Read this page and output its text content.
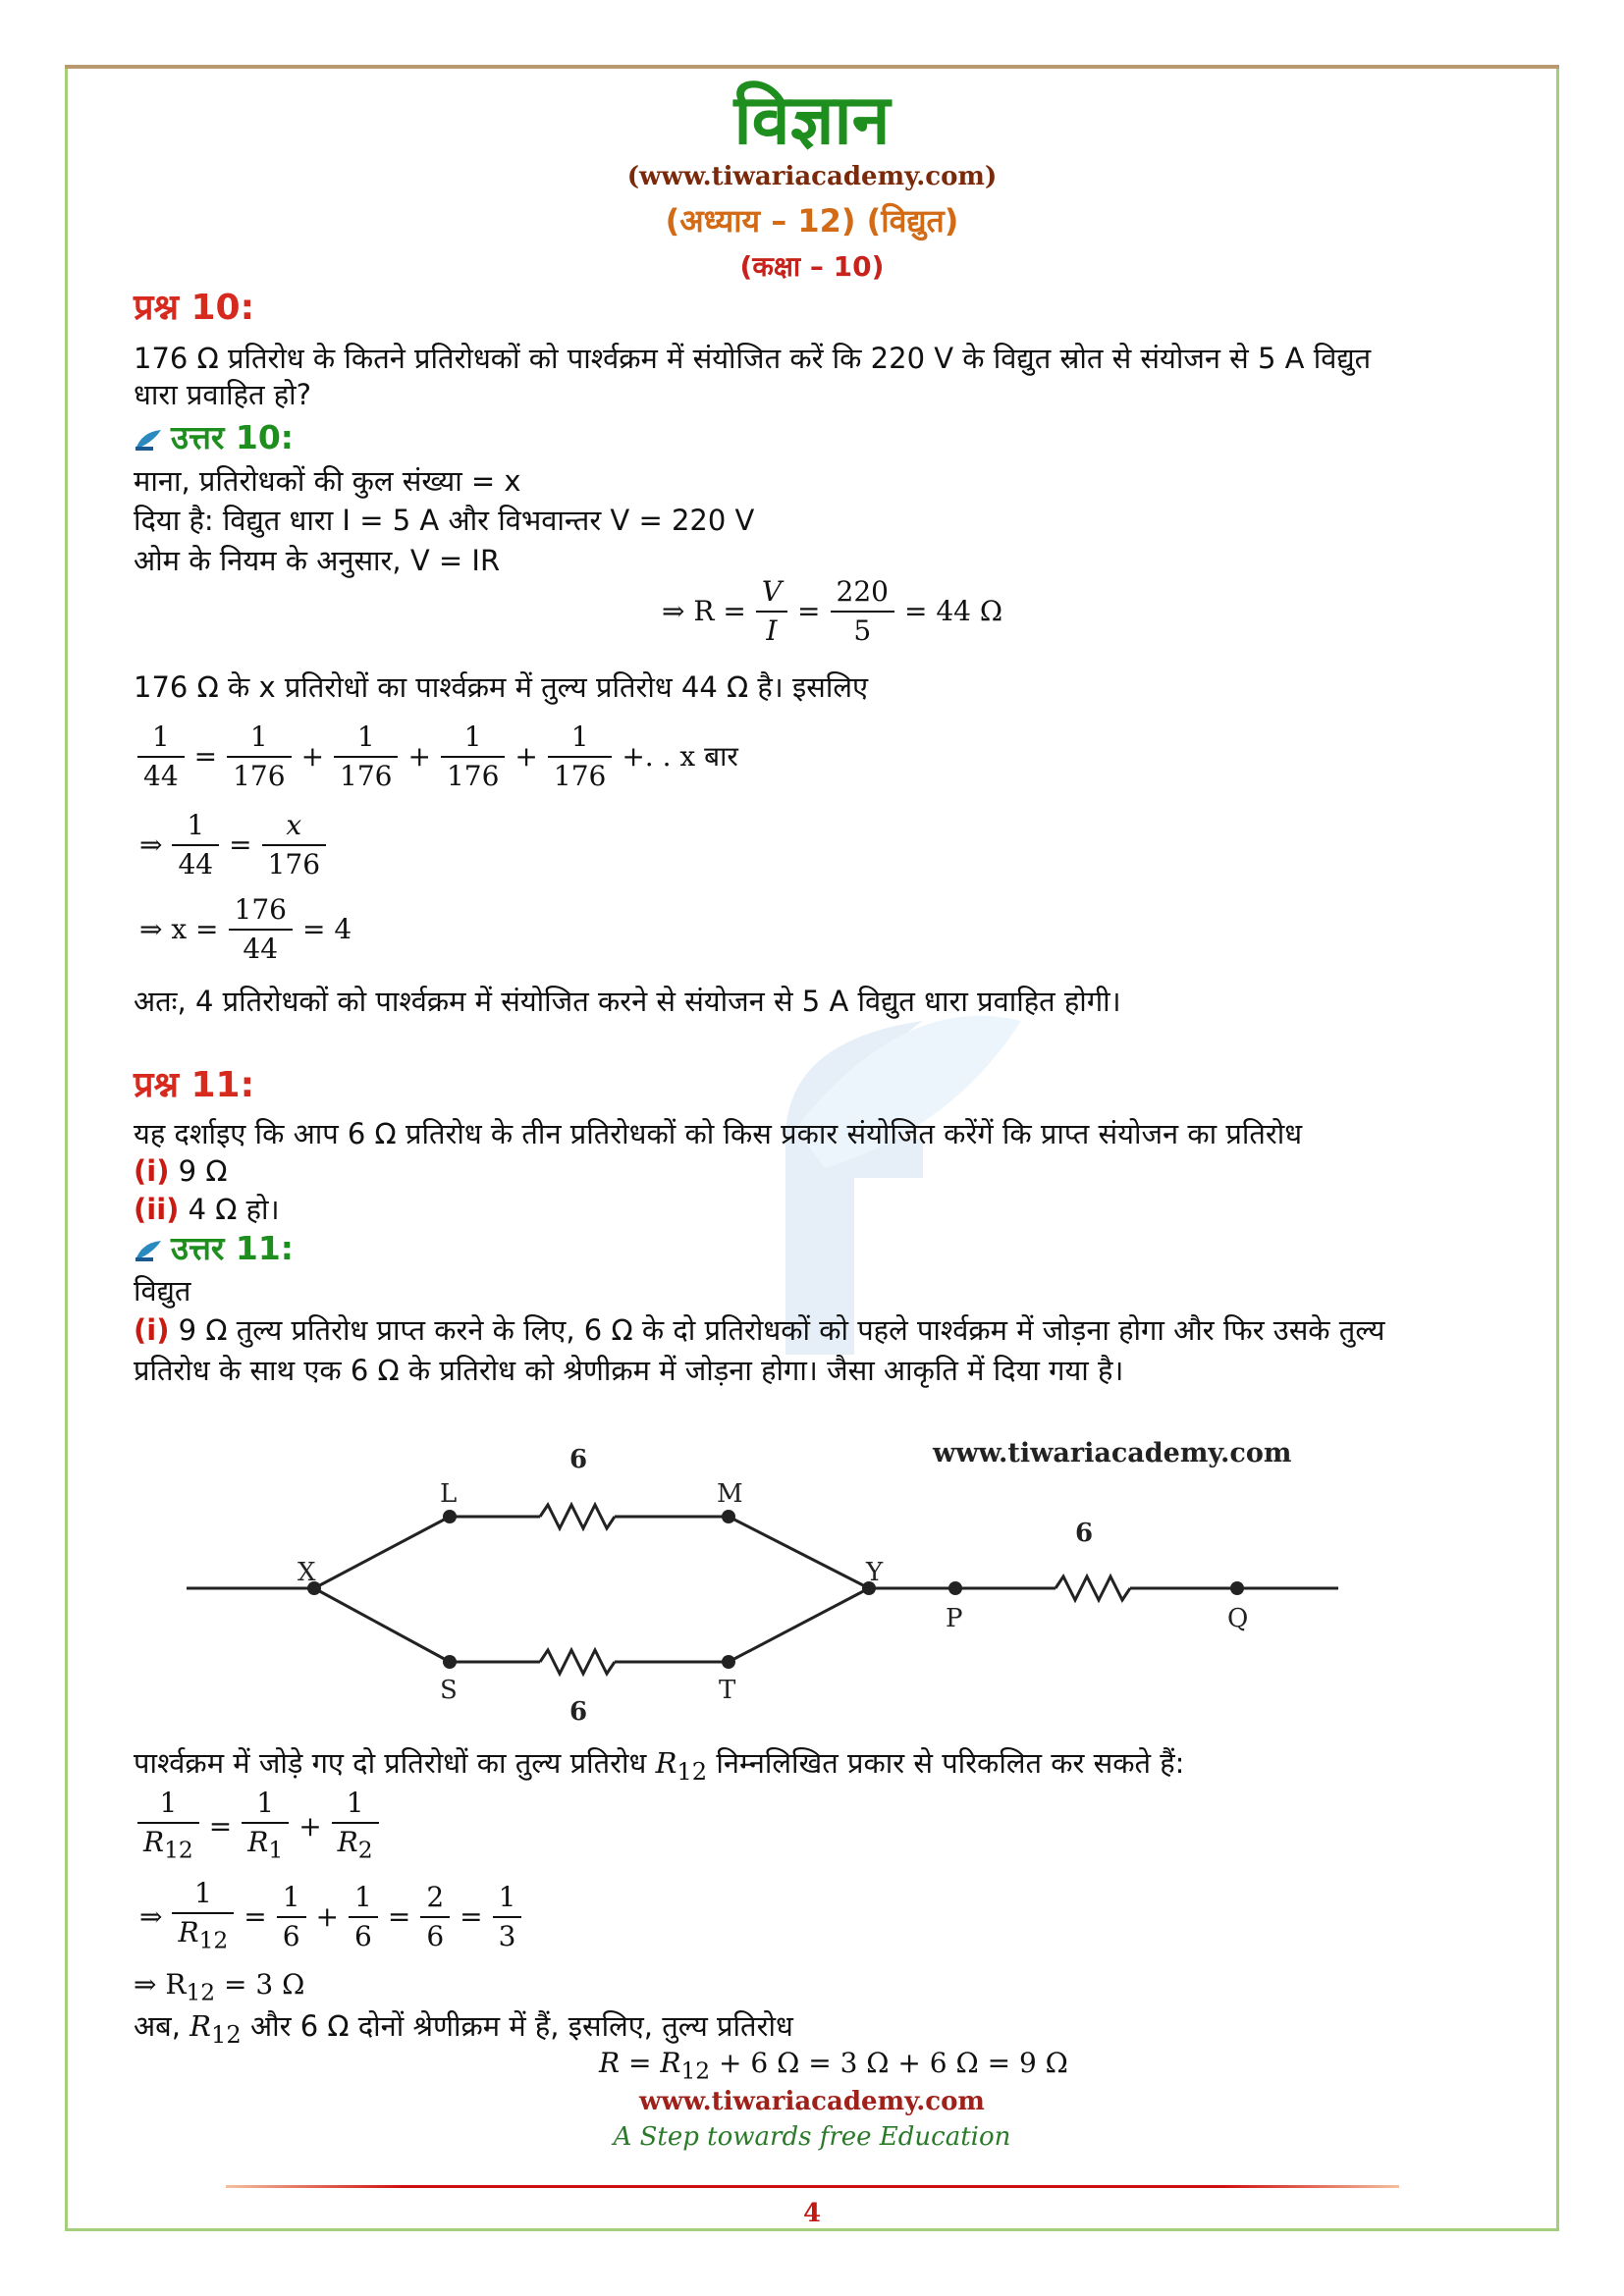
विज्ञान
(www.tiwariacademy.com)
(अध्याय – 12) (विद्युत)
(कक्षा – 10)
प्रश्न 10:
176 Ω प्रतिरोध के कितने प्रतिरोधकों को पार्श्वक्रम में संयोजित करें कि 220 V के विद्युत स्रोत से संयोजन से 5 A विद्युत
धारा प्रवाहित हो?
उत्तर 10:
माना, प्रतिरोधकों की कुल संख्या = x
दिया है: विद्युत धारा I = 5 A और विभवान्तर V = 220 V
ओम के नियम के अनुसार, V = IR
⇒ $R = \frac{V}{I} = \frac{220}{5} = 44$ Ω
176 Ω के x प्रतिरोधों का पार्श्वक्रम में तुल्य प्रतिरोध 44 Ω है। इसलिए
$\frac{1}{44} = \frac{1}{176} + \frac{1}{176} + \frac{1}{176} + \frac{1}{176}$ +. . x बार
⇒ $\frac{1}{44} = \frac{x}{176}$
⇒ $x = \frac{176}{44} = 4$
अतः, 4 प्रतिरोधकों को पार्श्वक्रम में संयोजित करने से संयोजन से 5 A विद्युत धारा प्रवाहित होगी।
प्रश्न 11:
यह दर्शाइए कि आप 6 Ω प्रतिरोध के तीन प्रतिरोधकों को किस प्रकार संयोजित करेंगें कि प्राप्त संयोजन का प्रतिरोध
(i) 9 Ω
(ii) 4 Ω हो।
उत्तर 11:
विद्युत
(i) 9 Ω तुल्य प्रतिरोध प्राप्त करने के लिए, 6 Ω के दो प्रतिरोधकों को पहले पार्श्वक्रम में जोड़ना होगा और फिर उसके तुल्य
प्रतिरोध के साथ एक 6 Ω के प्रतिरोध को श्रेणीक्रम में जोड़ना होगा। जैसा आकृति में दिया गया है।
www.tiwariacademy.com
6
6
6
X
L	M
S	T
Y
P	Q
पार्श्वक्रम में जोड़े गए दो प्रतिरोधों का तुल्य प्रतिरोध $R_{12}$ निम्नलिखित प्रकार से परिकलित कर सकते हैं:
$\frac{1}{R_{12}} = \frac{1}{R_1} + \frac{1}{R_2}$
⇒ $\frac{1}{R_{12}} = \frac{1}{6} + \frac{1}{6} = \frac{2}{6} = \frac{1}{3}$
⇒ $R_{12} = 3$ Ω
अब, $R_{12}$ और 6 Ω दोनों श्रेणीक्रम में हैं, इसलिए, तुल्य प्रतिरोध
$R = R_{12} + 6$ Ω = 3 Ω + 6 Ω = 9 Ω
www.tiwariacademy.com
A Step towards free Education
4
